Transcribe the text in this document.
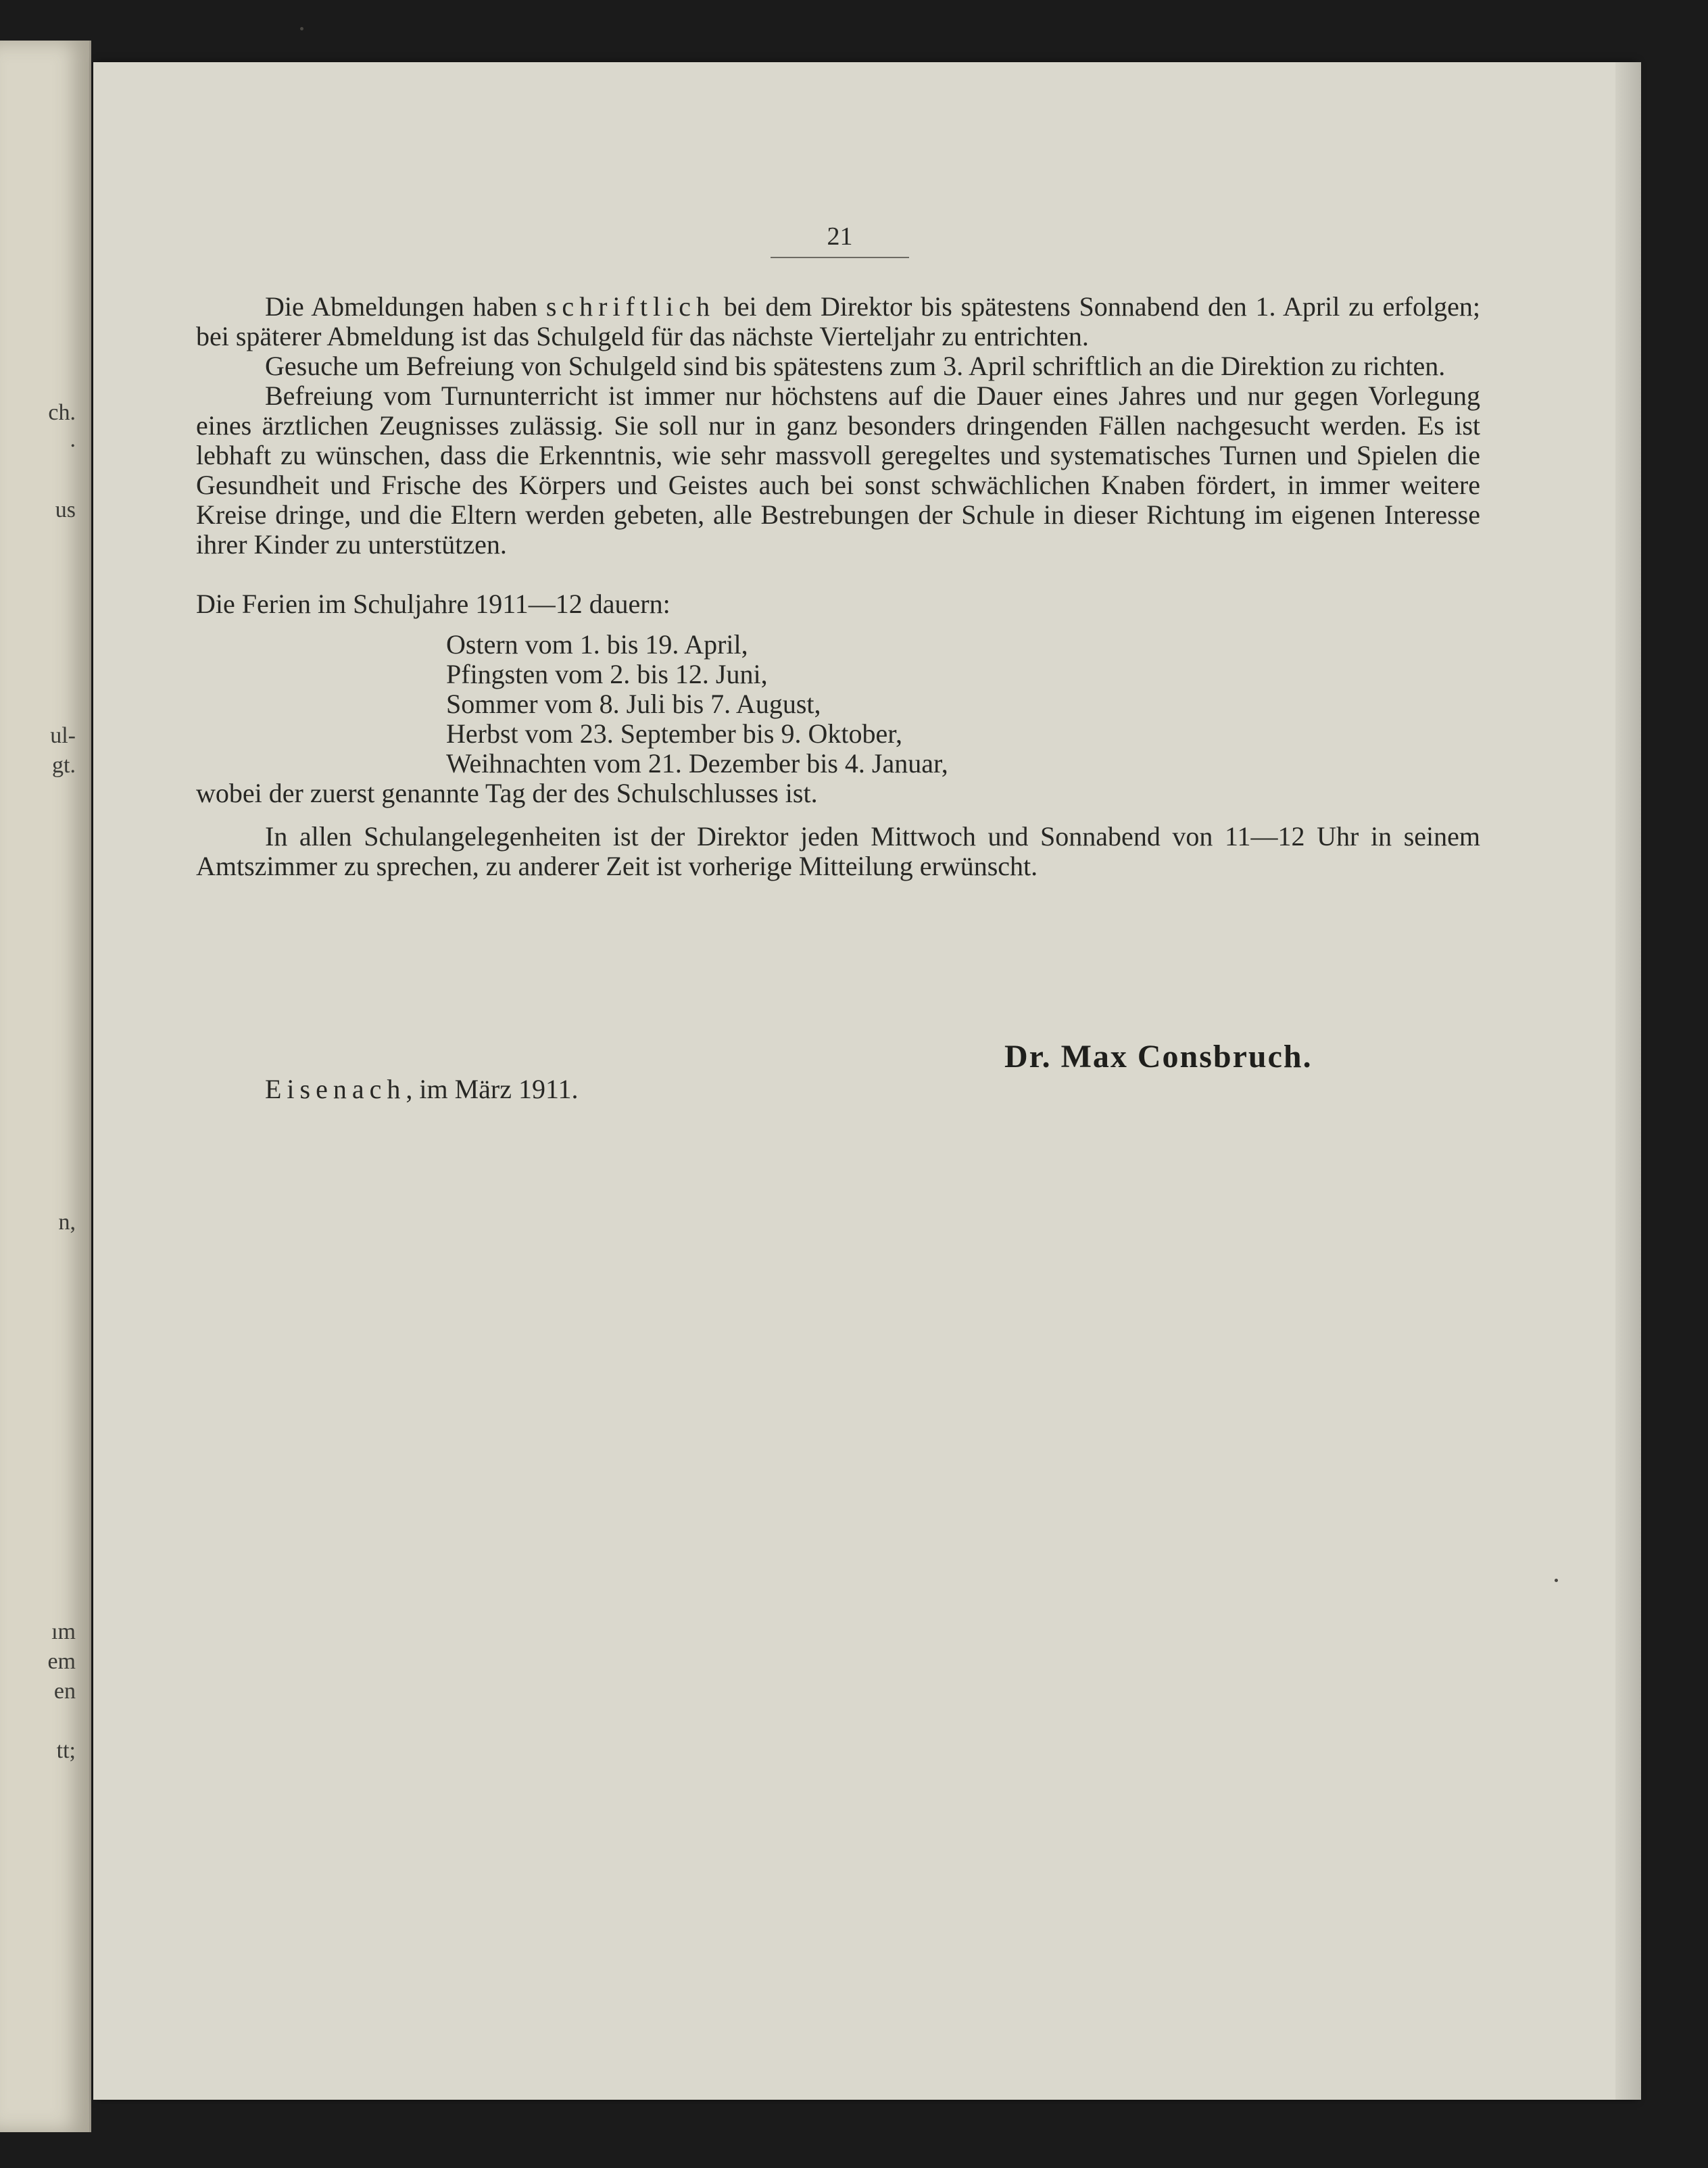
ch.
.
us
ul-
gt.
n,
ım
em
en
tt;
21

Die Abmeldungen haben schriftlich bei dem Direktor bis spätestens Sonnabend den 1. April zu erfolgen; bei späterer Abmeldung ist das Schulgeld für das nächste Vierteljahr zu entrichten.

Gesuche um Befreiung von Schulgeld sind bis spätestens zum 3. April schriftlich an die Direktion zu richten.

Befreiung vom Turnunterricht ist immer nur höchstens auf die Dauer eines Jahres und nur gegen Vorlegung eines ärztlichen Zeugnisses zulässig. Sie soll nur in ganz besonders dringenden Fällen nachgesucht werden. Es ist lebhaft zu wünschen, dass die Erkenntnis, wie sehr massvoll geregeltes und systematisches Turnen und Spielen die Gesundheit und Frische des Körpers und Geistes auch bei sonst schwächlichen Knaben fördert, in immer weitere Kreise dringe, und die Eltern werden gebeten, alle Bestrebungen der Schule in dieser Richtung im eigenen Interesse ihrer Kinder zu unterstützen.

Die Ferien im Schuljahre 1911—12 dauern:

Ostern vom 1. bis 19. April,
Pfingsten vom 2. bis 12. Juni,
Sommer vom 8. Juli bis 7. August,
Herbst vom 23. September bis 9. Oktober,
Weihnachten vom 21. Dezember bis 4. Januar,

wobei der zuerst genannte Tag der des Schulschlusses ist.

In allen Schulangelegenheiten ist der Direktor jeden Mittwoch und Sonnabend von 11—12 Uhr in seinem Amtszimmer zu sprechen, zu anderer Zeit ist vorherige Mitteilung erwünscht.

Eisenach, im März 1911.
Dr. Max Consbruch.
